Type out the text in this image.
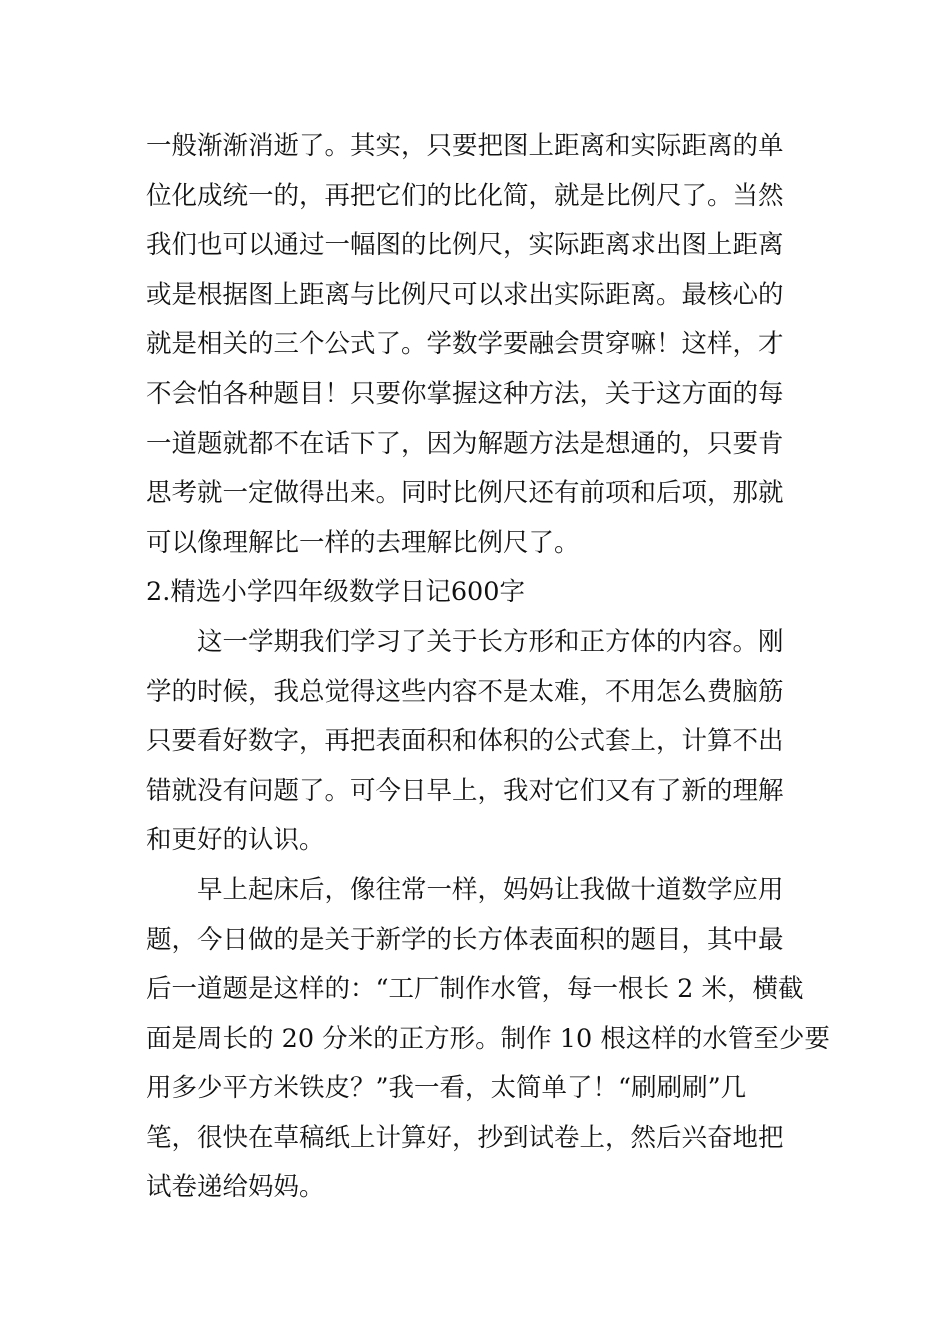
一般渐渐消逝了。其实，只要把图上距离和实际距离的单
位化成统一的，再把它们的比化简，就是比例尺了。当然
我们也可以通过一幅图的比例尺，实际距离求出图上距离
或是根据图上距离与比例尺可以求出实际距离。最核心的
就是相关的三个公式了。学数学要融会贯穿嘛！这样，才
不会怕各种题目！只要你掌握这种方法，关于这方面的每
一道题就都不在话下了，因为解题方法是想通的，只要肯
思考就一定做得出来。同时比例尺还有前项和后项，那就
可以像理解比一样的去理解比例尺了。
2.精选小学四年级数学日记600字
这一学期我们学习了关于长方形和正方体的内容。刚
学的时候，我总觉得这些内容不是太难，不用怎么费脑筋
只要看好数字，再把表面积和体积的公式套上，计算不出
错就没有问题了。可今日早上，我对它们又有了新的理解
和更好的认识。
早上起床后，像往常一样，妈妈让我做十道数学应用
题，今日做的是关于新学的长方体表面积的题目，其中最
后一道题是这样的：“工厂制作水管，每一根长 2 米，横截
面是周长的 20 分米的正方形。制作 10 根这样的水管至少要
用多少平方米铁皮？”我一看，太简单了！“刷刷刷”几
笔，很快在草稿纸上计算好，抄到试卷上，然后兴奋地把
试卷递给妈妈。
